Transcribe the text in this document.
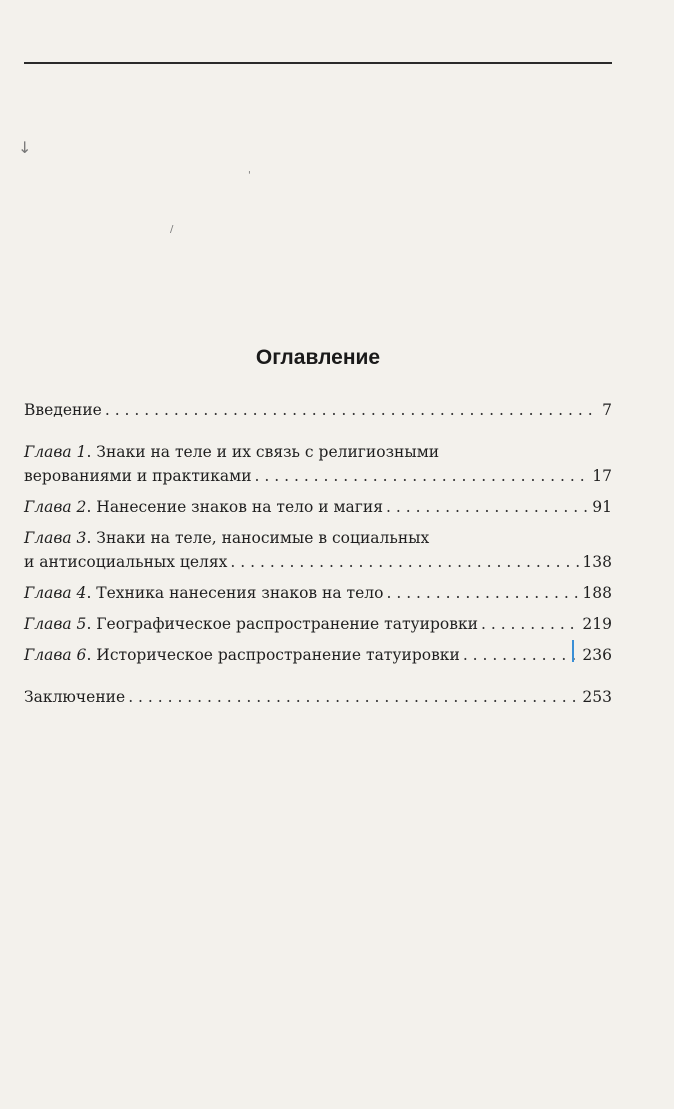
↓
'
/

Оглавление
Введение . . .	7
Глава 1. Знаки на теле и их связь с религиозными
верованиями и практиками . . .	17
Глава 2. Нанесение знаков на тело и магия . . .	91
Глава 3. Знаки на теле, наносимые в социальных
и антисоциальных целях . . .	138
Глава 4. Техника нанесения знаков на тело . . .	188
Глава 5. Географическое распространение татуировки . . .	219
Глава 6. Историческое распространение татуировки . . .	236
Заключение . . .	253
